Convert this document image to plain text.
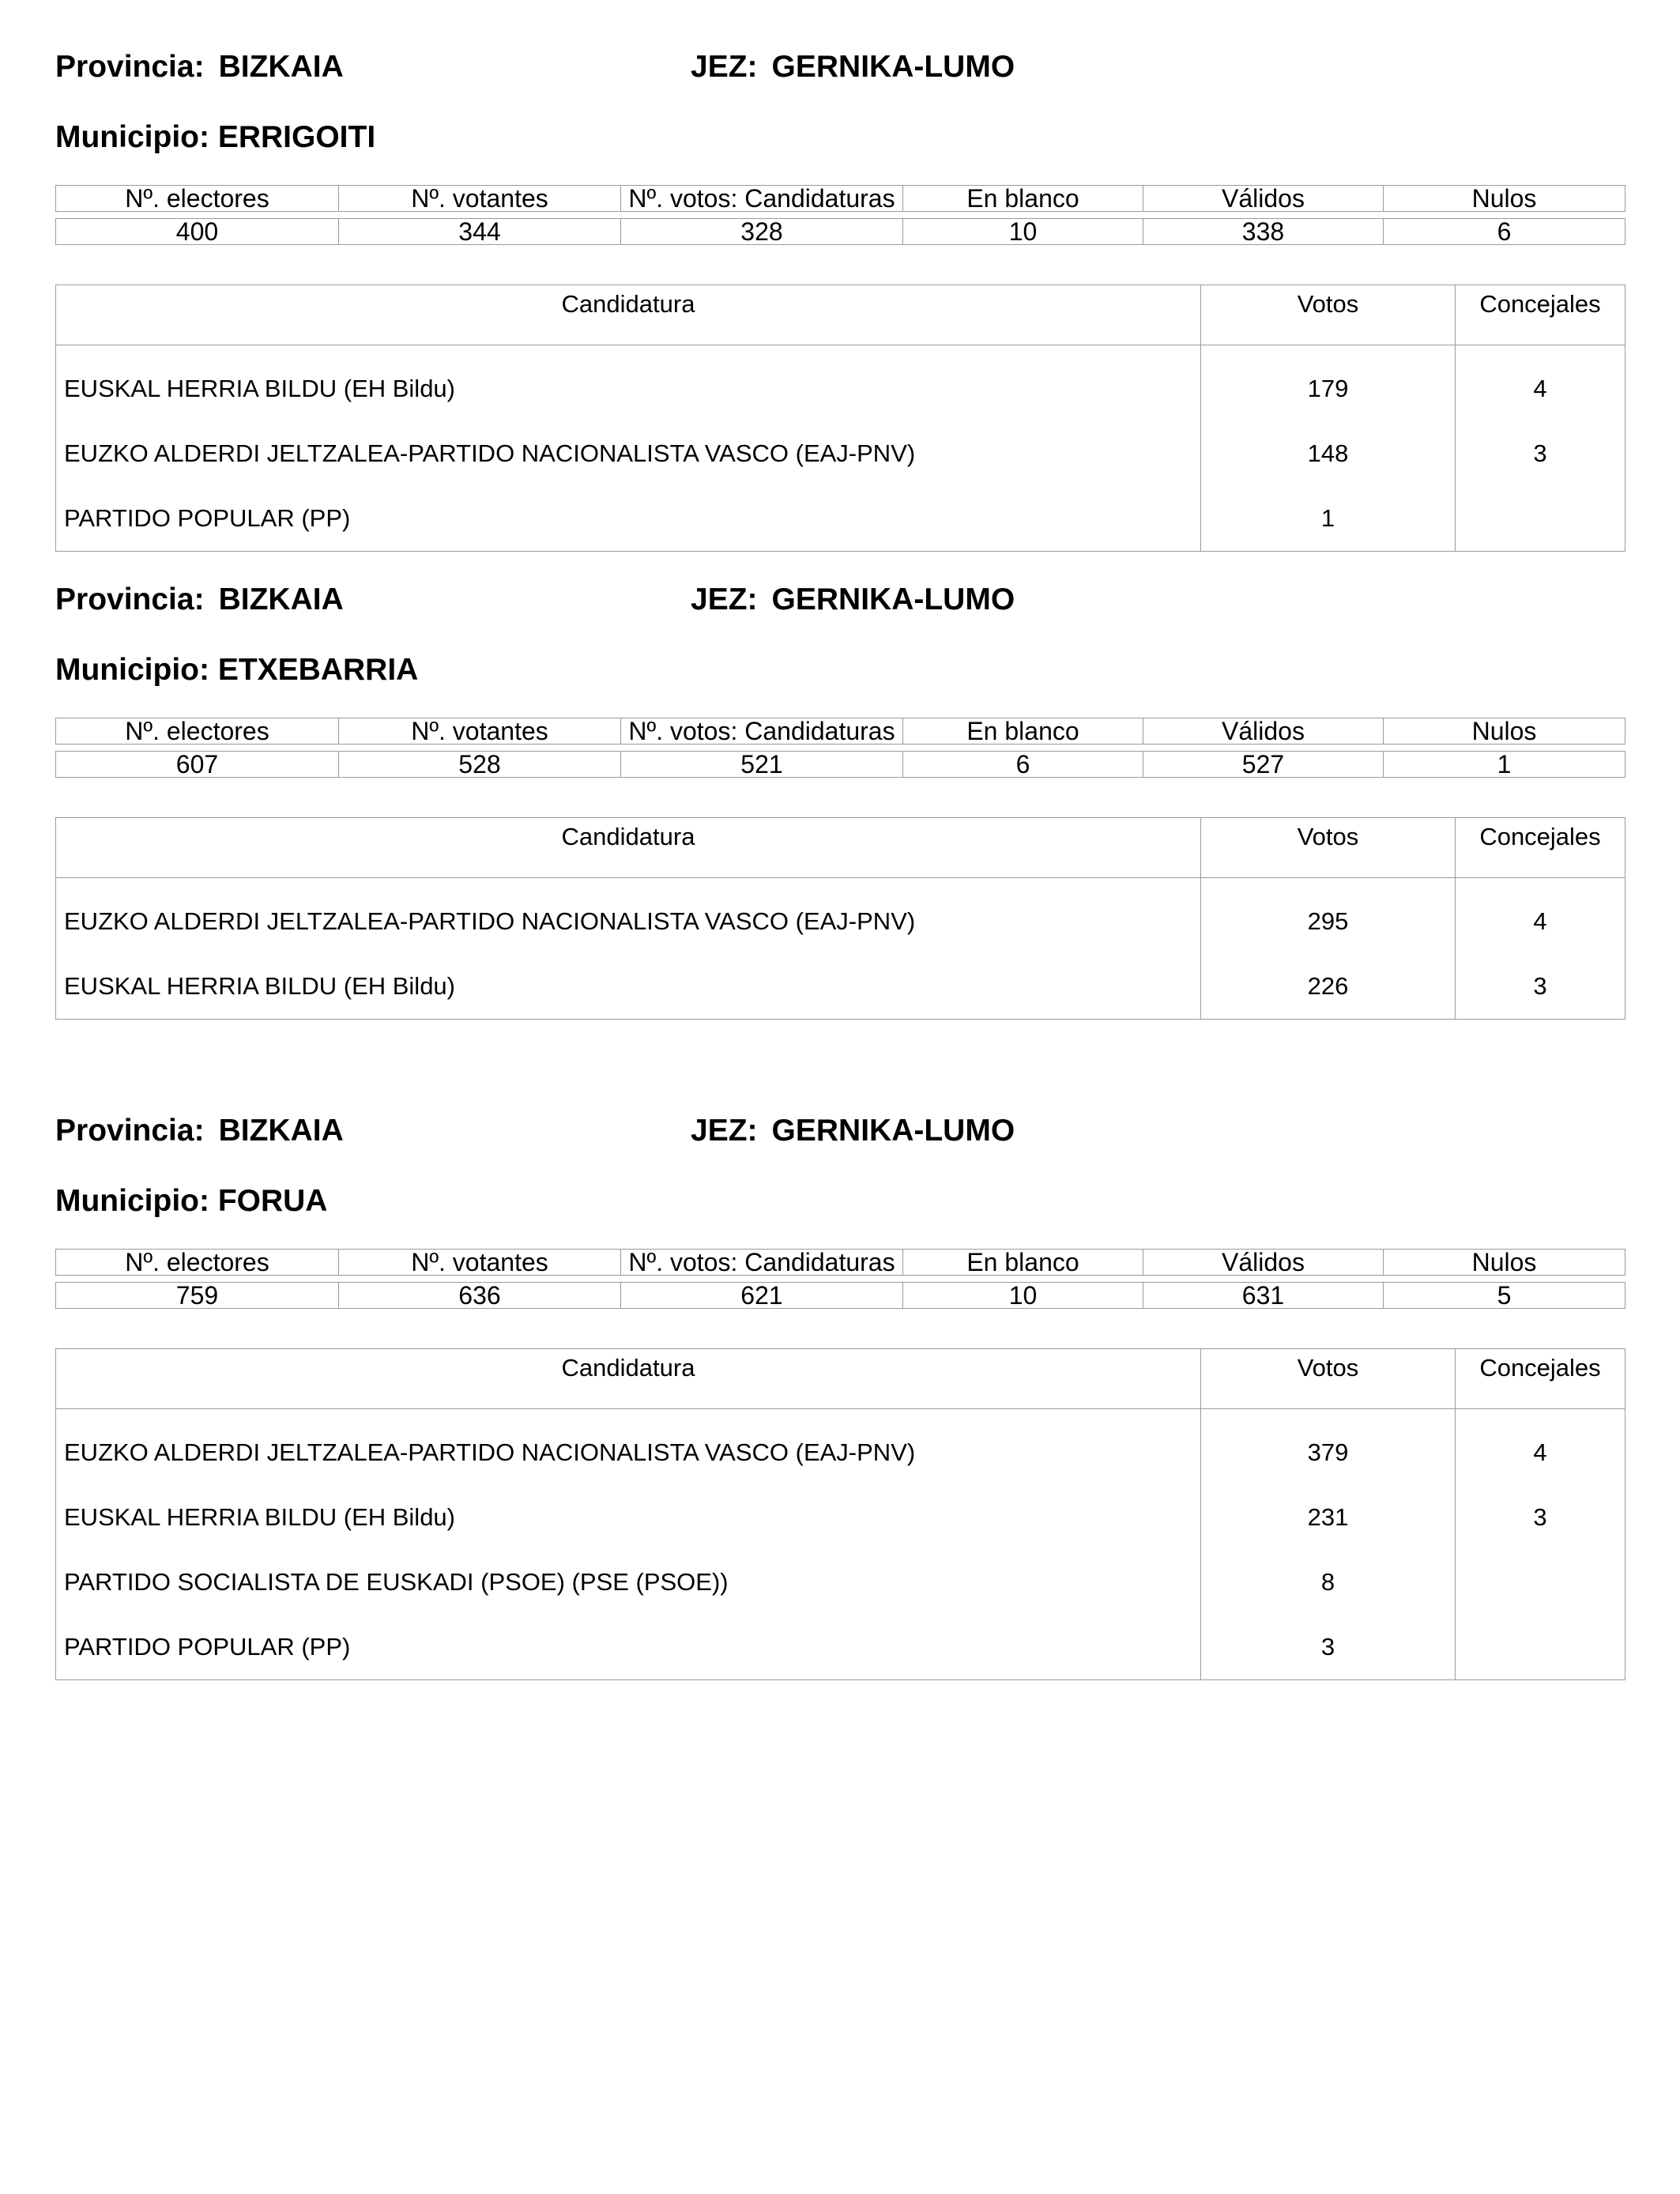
Provincia: BIZKAIA	JEZ: GERNIKA-LUMO
Municipio: ERRIGOITI
Nº. electores	Nº. votantes	Nº. votos: Candidaturas	En blanco	Válidos	Nulos

400	344	328	10	338	6
Candidatura	Votos	Concejales
EUSKAL HERRIA BILDU (EH Bildu)	179	4
EUZKO ALDERDI JELTZALEA-PARTIDO NACIONALISTA VASCO (EAJ-PNV)	148	3
PARTIDO POPULAR (PP)	1	
Provincia: BIZKAIA	JEZ: GERNIKA-LUMO
Municipio: ETXEBARRIA
Nº. electores	Nº. votantes	Nº. votos: Candidaturas	En blanco	Válidos	Nulos

607	528	521	6	527	1
Candidatura	Votos	Concejales
EUZKO ALDERDI JELTZALEA-PARTIDO NACIONALISTA VASCO (EAJ-PNV)	295	4
EUSKAL HERRIA BILDU (EH Bildu)	226	3
Provincia: BIZKAIA	JEZ: GERNIKA-LUMO
Municipio: FORUA
Nº. electores	Nº. votantes	Nº. votos: Candidaturas	En blanco	Válidos	Nulos

759	636	621	10	631	5
Candidatura	Votos	Concejales
EUZKO ALDERDI JELTZALEA-PARTIDO NACIONALISTA VASCO (EAJ-PNV)	379	4
EUSKAL HERRIA BILDU (EH Bildu)	231	3
PARTIDO SOCIALISTA DE EUSKADI (PSOE) (PSE (PSOE))	8	
PARTIDO POPULAR (PP)	3	
